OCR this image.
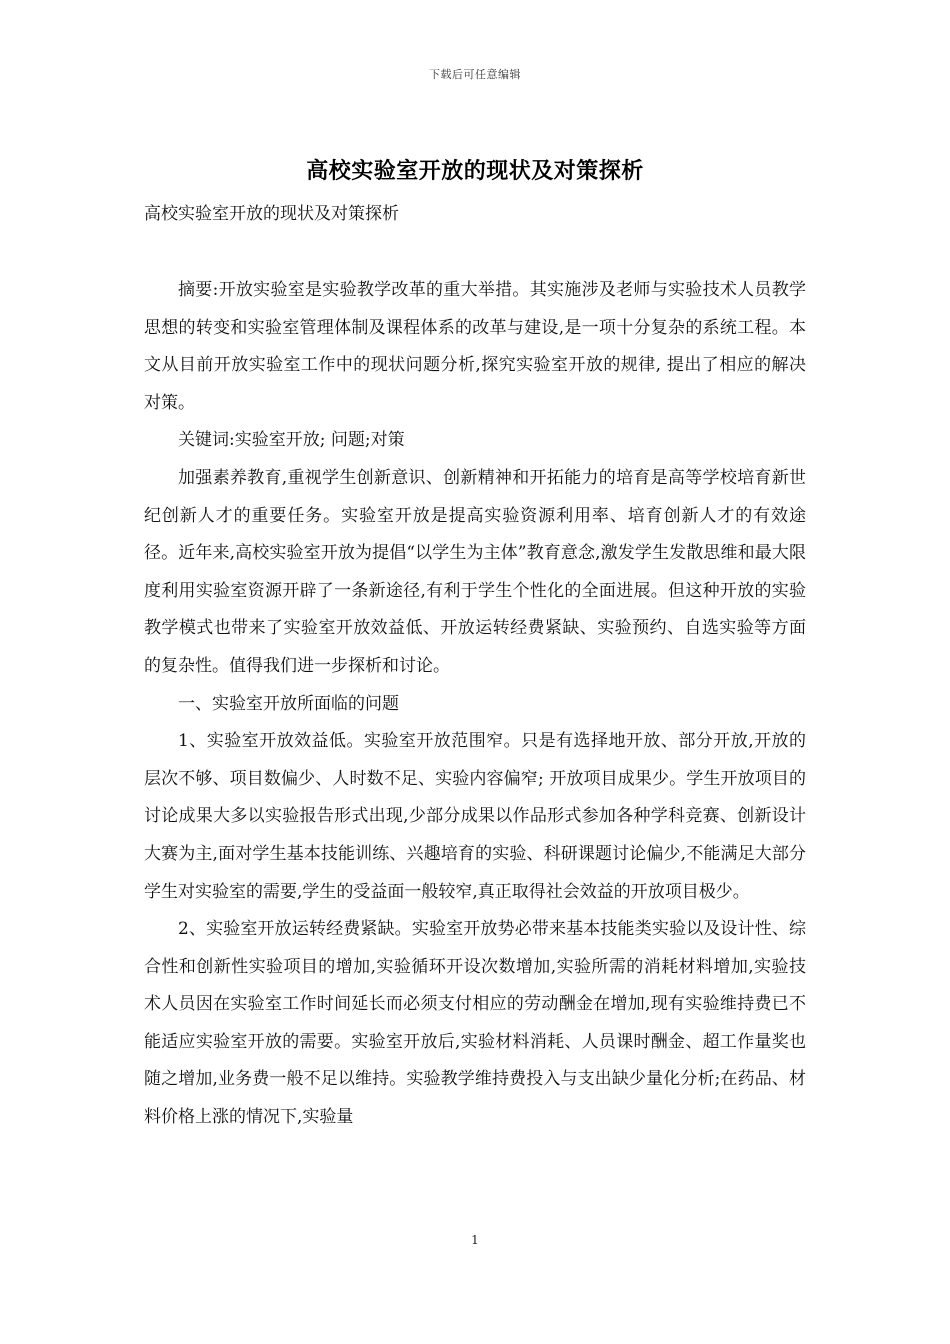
下载后可任意编辑
高校实验室开放的现状及对策探析
高校实验室开放的现状及对策探析

摘要:开放实验室是实验教学改革的重大举措。其实施涉及老师与实验技术人员教学思想的转变和实验室管理体制及课程体系的改革与建设,是一项十分复杂的系统工程。本文从目前开放实验室工作中的现状问题分析,探究实验室开放的规律, 提出了相应的解决对策。

关键词:实验室开放; 问题;对策

加强素养教育,重视学生创新意识、创新精神和开拓能力的培育是高等学校培育新世纪创新人才的重要任务。实验室开放是提高实验资源利用率、培育创新人才的有效途径。近年来,高校实验室开放为提倡“以学生为主体”教育意念,激发学生发散思维和最大限度利用实验室资源开辟了一条新途径,有利于学生个性化的全面进展。但这种开放的实验教学模式也带来了实验室开放效益低、开放运转经费紧缺、实验预约、自选实验等方面的复杂性。值得我们进一步探析和讨论。

一、实验室开放所面临的问题

1、实验室开放效益低。实验室开放范围窄。只是有选择地开放、部分开放,开放的层次不够、项目数偏少、人时数不足、实验内容偏窄; 开放项目成果少。学生开放项目的讨论成果大多以实验报告形式出现,少部分成果以作品形式参加各种学科竞赛、创新设计大赛为主,面对学生基本技能训练、兴趣培育的实验、科研课题讨论偏少,不能满足大部分学生对实验室的需要,学生的受益面一般较窄,真正取得社会效益的开放项目极少。

2、实验室开放运转经费紧缺。实验室开放势必带来基本技能类实验以及设计性、综合性和创新性实验项目的增加,实验循环开设次数增加,实验所需的消耗材料增加,实验技术人员因在实验室工作时间延长而必须支付相应的劳动酬金在增加,现有实验维持费已不能适应实验室开放的需要。实验室开放后,实验材料消耗、人员课时酬金、超工作量奖也随之增加,业务费一般不足以维持。实验教学维持费投入与支出缺少量化分析;在药品、材料价格上涨的情况下,实验量

1
